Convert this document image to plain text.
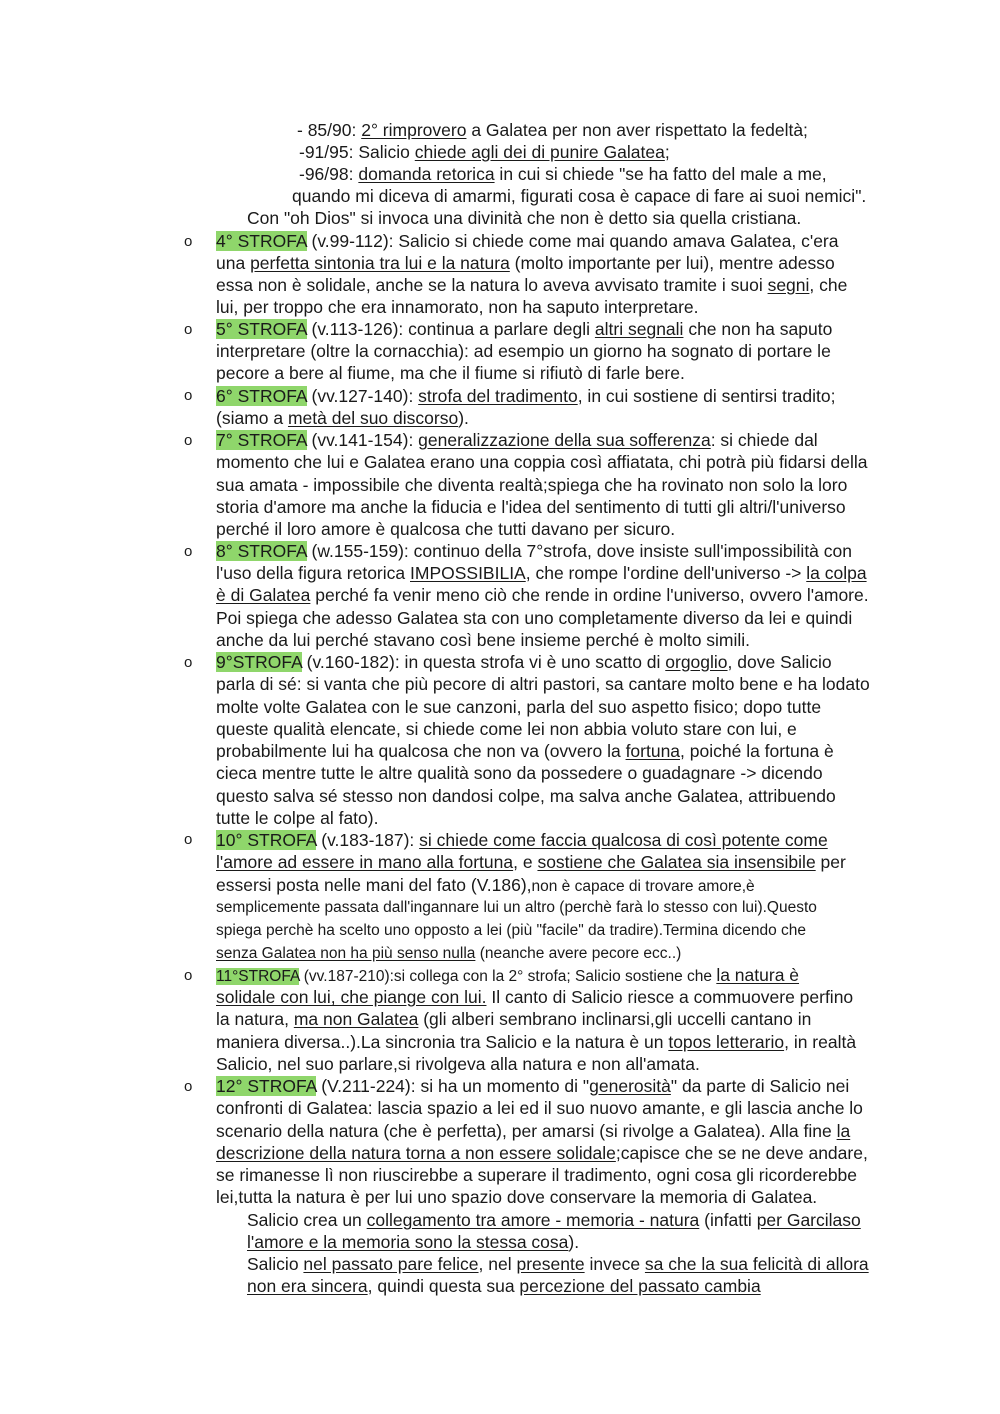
- 85/90: 2° rimprovero a Galatea per non aver rispettato la fedeltà;
-91/95: Salicio chiede agli dei di punire Galatea;
-96/98: domanda retorica in cui si chiede "se ha fatto del male a me,
quando mi diceva di amarmi, figurati cosa è capace di fare ai suoi nemici".
Con "oh Dios" si invoca una divinità che non è detto sia quella cristiana.
o 4° STROFA (v.99-112): Salicio si chiede come mai quando amava Galatea, c'era
una perfetta sintonia tra lui e la natura (molto importante per lui), mentre adesso
essa non è solidale, anche se la natura lo aveva avvisato tramite i suoi segni, che
lui, per troppo che era innamorato, non ha saputo interpretare.
o 5° STROFA (v.113-126): continua a parlare degli altri segnali che non ha saputo
interpretare (oltre la cornacchia): ad esempio un giorno ha sognato di portare le
pecore a bere al fiume, ma che il fiume si rifiutò di farle bere.
o 6° STROFA (vv.127-140): strofa del tradimento, in cui sostiene di sentirsi tradito;
(siamo a metà del suo discorso).
o 7° STROFA (vv.141-154): generalizzazione della sua sofferenza: si chiede dal
momento che lui e Galatea erano una coppia così affiatata, chi potrà più fidarsi della
sua amata - impossibile che diventa realtà;spiega che ha rovinato non solo la loro
storia d'amore ma anche la fiducia e l'idea del sentimento di tutti gli altri/l'universo
perché il loro amore è qualcosa che tutti davano per sicuro.
o 8° STROFA (w.155-159): continuo della 7°strofa, dove insiste sull'impossibilità con
l'uso della figura retorica IMPOSSIBILIA, che rompe l'ordine dell'universo -> la colpa
è di Galatea perché fa venir meno ciò che rende in ordine l'universo, ovvero l'amore.
Poi spiega che adesso Galatea sta con uno completamente diverso da lei e quindi
anche da lui perché stavano così bene insieme perché è molto simili.
o 9°STROFA (v.160-182): in questa strofa vi è uno scatto di orgoglio, dove Salicio
parla di sé: si vanta che più pecore di altri pastori, sa cantare molto bene e ha lodato
molte volte Galatea con le sue canzoni, parla del suo aspetto fisico; dopo tutte
queste qualità elencate, si chiede come lei non abbia voluto stare con lui, e
probabilmente lui ha qualcosa che non va (ovvero la fortuna, poiché la fortuna è
cieca mentre tutte le altre qualità sono da possedere o guadagnare -> dicendo
questo salva sé stesso non dandosi colpe, ma salva anche Galatea, attribuendo
tutte le colpe al fato).
o 10° STROFA (v.183-187): si chiede come faccia qualcosa di così potente come
l'amore ad essere in mano alla fortuna, e sostiene che Galatea sia insensibile per
essersi posta nelle mani del fato (V.186),non è capace di trovare amore,è
semplicemente passata dall'ingannare lui un altro (perchè farà lo stesso con lui).Questo
spiega perchè ha scelto uno opposto a lei (più "facile" da tradire).Termina dicendo che
senza Galatea non ha più senso nulla (neanche avere pecore ecc..)
o 11°STROFA (vv.187-210):si collega con la 2° strofa; Salicio sostiene che la natura è
solidale con lui, che piange con lui. Il canto di Salicio riesce a commuovere perfino
la natura, ma non Galatea (gli alberi sembrano inclinarsi,gli uccelli cantano in
maniera diversa..).La sincronia tra Salicio e la natura è un topos letterario, in realtà
Salicio, nel suo parlare,si rivolgeva alla natura e non all'amata.
o 12° STROFA (V.211-224): si ha un momento di "generosità" da parte di Salicio nei
confronti di Galatea: lascia spazio a lei ed il suo nuovo amante, e gli lascia anche lo
scenario della natura (che è perfetta), per amarsi (si rivolge a Galatea). Alla fine la
descrizione della natura torna a non essere solidale;capisce che se ne deve andare,
se rimanesse lì non riuscirebbe a superare il tradimento, ogni cosa gli ricorderebbe
lei,tutta la natura è per lui uno spazio dove conservare la memoria di Galatea.
Salicio crea un collegamento tra amore - memoria - natura (infatti per Garcilaso
l'amore e la memoria sono la stessa cosa).
Salicio nel passato pare felice, nel presente invece sa che la sua felicità di allora
non era sincera, quindi questa sua percezione del passato cambia
